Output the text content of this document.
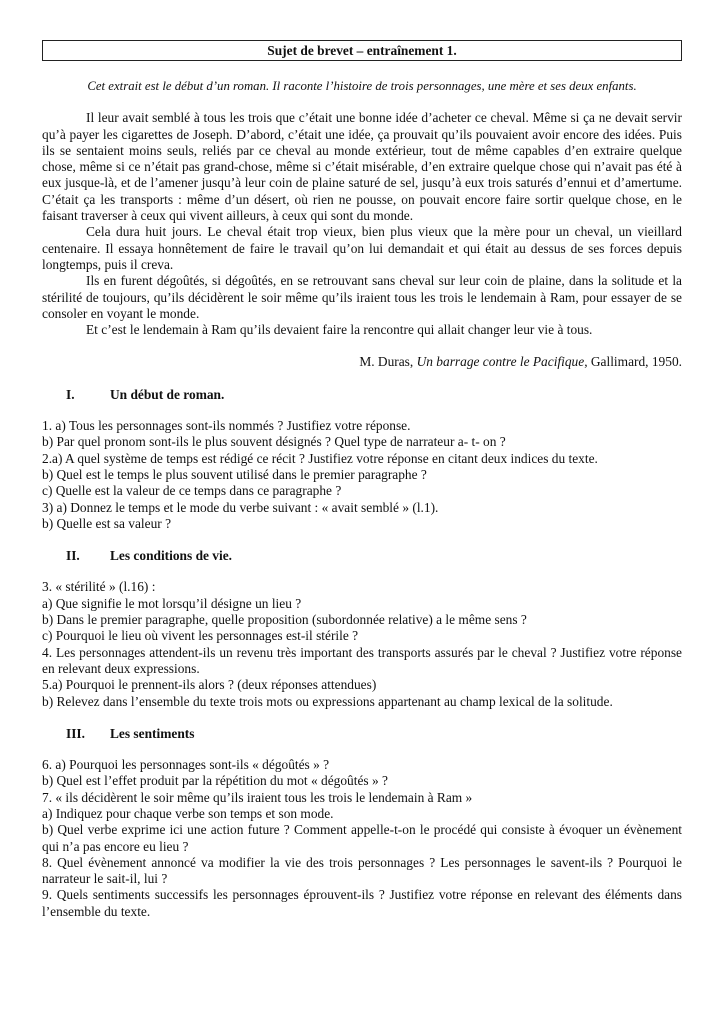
Sujet de brevet – entraînement 1.
Cet extrait est le début d’un roman. Il raconte l’histoire de trois personnages, une mère et ses deux enfants.

Il leur avait semblé à tous les trois que c’était une bonne idée d’acheter ce cheval. Même si ça ne devait servir qu’à payer les cigarettes de Joseph. D’abord, c’était une idée, ça prouvait qu’ils pouvaient avoir encore des idées. Puis ils se sentaient moins seuls, reliés par ce cheval au monde extérieur, tout de même capables d’en extraire quelque chose, même si ce n’était pas grand-chose, même si c’était misérable, d’en extraire quelque chose qui n’avait pas été à eux jusque-là, et de l’amener jusqu’à leur coin de plaine saturé de sel, jusqu’à eux trois saturés d’ennui et d’amertume. C’était ça les transports : même d’un désert, où rien ne pousse, on pouvait encore faire sortir quelque chose, en le faisant traverser à ceux qui vivent ailleurs, à ceux qui sont du monde.

Cela dura huit jours. Le cheval était trop vieux, bien plus vieux que la mère pour un cheval, un vieillard centenaire. Il essaya honnêtement de faire le travail qu’on lui demandait et qui était au dessus de ses forces depuis longtemps, puis il creva.

Ils en furent dégoûtés, si dégoûtés, en se retrouvant sans cheval sur leur coin de plaine, dans la solitude et la stérilité de toujours, qu’ils décidèrent le soir même qu’ils iraient tous les trois le lendemain à Ram, pour essayer de se consoler en voyant le monde.

Et c’est le lendemain à Ram qu’ils devaient faire la rencontre qui allait changer leur vie à tous.

M. Duras, Un barrage contre le Pacifique, Gallimard, 1950.
I.	Un début de roman.

1. a) Tous les personnages sont-ils nommés ? Justifiez votre réponse.

b) Par quel pronom sont-ils le plus souvent désignés ? Quel type de narrateur a- t- on ?

2.a) A quel système de temps est rédigé ce récit ? Justifiez votre réponse en citant deux indices du texte.

b) Quel est le temps le plus souvent utilisé dans le premier paragraphe ?

c) Quelle est la valeur de ce temps dans ce paragraphe ?

3) a) Donnez le temps et le mode du verbe suivant : « avait semblé » (l.1).

b) Quelle est sa valeur ?

II.	Les conditions de vie.

3. « stérilité » (l.16) :

a) Que signifie le mot lorsqu’il désigne un lieu ?

b) Dans le premier paragraphe, quelle proposition (subordonnée relative) a le même sens ?

c) Pourquoi le lieu où vivent les personnages est-il stérile ?

4. Les personnages attendent-ils un revenu très important des transports assurés par le cheval ? Justifiez votre réponse en relevant deux expressions.

5.a) Pourquoi le prennent-ils alors ? (deux réponses attendues)

b) Relevez dans l’ensemble du texte trois mots ou expressions appartenant au champ lexical de la solitude.

III.	Les sentiments

6. a) Pourquoi les personnages sont-ils « dégoûtés » ?

b) Quel est l’effet produit par la répétition du mot « dégoûtés » ?

7. « ils décidèrent le soir même qu’ils iraient tous les trois le lendemain à Ram »

a) Indiquez pour chaque verbe son temps et son mode.

b) Quel verbe exprime ici une action future ? Comment appelle-t-on le procédé qui consiste à évoquer un évènement qui n’a pas encore eu lieu ?

8. Quel évènement annoncé va modifier la vie des trois personnages ? Les personnages le savent-ils ? Pourquoi le narrateur le sait-il, lui ?

9. Quels sentiments successifs les personnages éprouvent-ils ? Justifiez votre réponse en relevant des éléments dans l’ensemble du texte.
